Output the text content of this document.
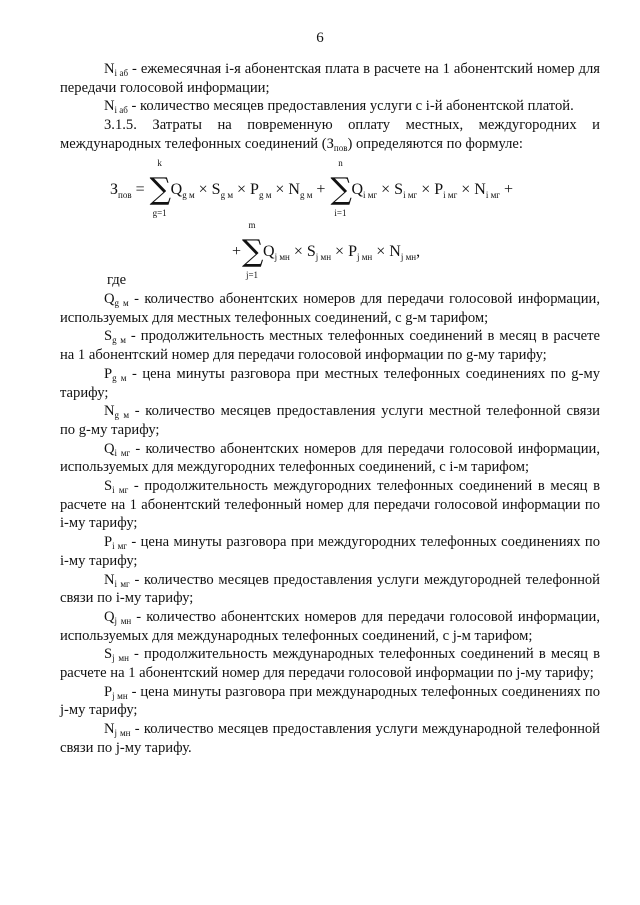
6

$N_{i аб}$ - ежемесячная i-я абонентская плата в расчете на 1 абонентский номер для передачи голосовой информации;

$N_{i аб}$ - количество месяцев предоставления услуги с i-й абонентской платой.

3.1.5. Затраты на повременную оплату местных, междугородних и международных телефонных соединений $(З_{пов})$ определяются по формуле:

$З_{пов}$ =
k
∑
g=1
$Q_{g м} \times S_{g м} \times P_{g м} \times N_{g м}$ +
n
∑
i=1
$Q_{i мг} \times S_{i мг} \times P_{i мг} \times N_{i мг}$ +
+
m
∑
j=1
$Q_{j мн} \times S_{j мн} \times P_{j мн} \times N_{j мн}$,
где

$Q_{g м}$ - количество абонентских номеров для передачи голосовой информации, используемых для местных телефонных соединений, с g-м тарифом;

$S_{g м}$ - продолжительность местных телефонных соединений в месяц в расчете на 1 абонентский номер для передачи голосовой информации по g-му тарифу;

$P_{g м}$ - цена минуты разговора при местных телефонных соединениях по g-му тарифу;

$N_{g м}$ - количество месяцев предоставления услуги местной телефонной связи по g-му тарифу;

$Q_{i мг}$ - количество абонентских номеров для передачи голосовой информации, используемых для междугородних телефонных соединений, с i-м тарифом;

$S_{i мг}$ - продолжительность междугородних телефонных соединений в месяц в расчете на 1 абонентский телефонный номер для передачи голосовой информации по i-му тарифу;

$P_{i мг}$ - цена минуты разговора при междугородних телефонных соединениях по i-му тарифу;

$N_{i мг}$ - количество месяцев предоставления услуги междугородней телефонной связи по i-му тарифу;

$Q_{j мн}$ - количество абонентских номеров для передачи голосовой информации, используемых для международных телефонных соединений, с j-м тарифом;

$S_{j мн}$ - продолжительность международных телефонных соединений в месяц в расчете на 1 абонентский номер для передачи голосовой информации по j-му тарифу;

$P_{j мн}$ - цена минуты разговора при международных телефонных соединениях по j-му тарифу;

$N_{j мн}$ - количество месяцев предоставления услуги международной телефонной связи по j-му тарифу.
